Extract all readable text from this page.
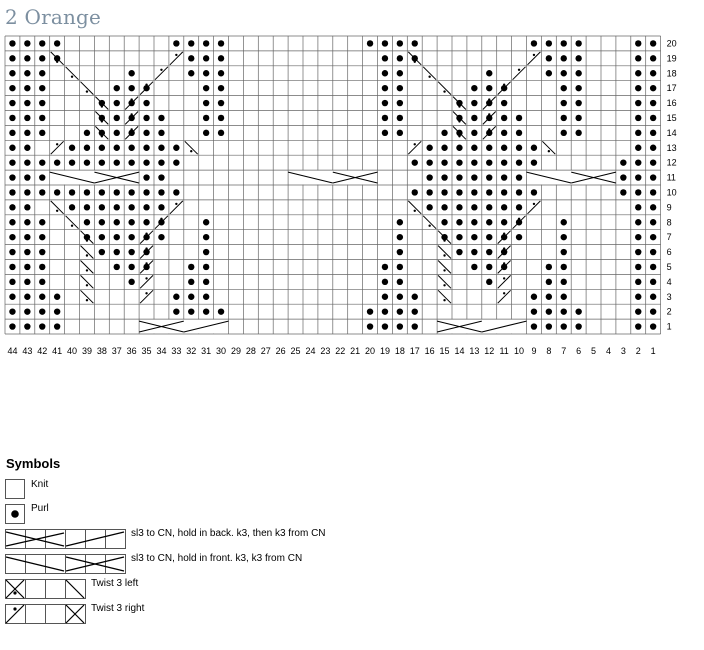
2 Orange
1
2
3
4
5
6
7
8
9
10
11
12
13
14
15
16
17
18
19
20
44 43 42 41 40 39 38 37 36 35 34 33 32 31 30 29 28 27 26 25 24 23 22 21 20 19 18 17 16 15 14 13 12 11 10 9 8 7 6 5 4 3 2 1
Symbols
Knit
Purl
sl3 to CN, hold in back. k3, then k3 from CN
sl3 to CN, hold in front. k3, k3 from CN
Twist 3 left
Twist 3 right
